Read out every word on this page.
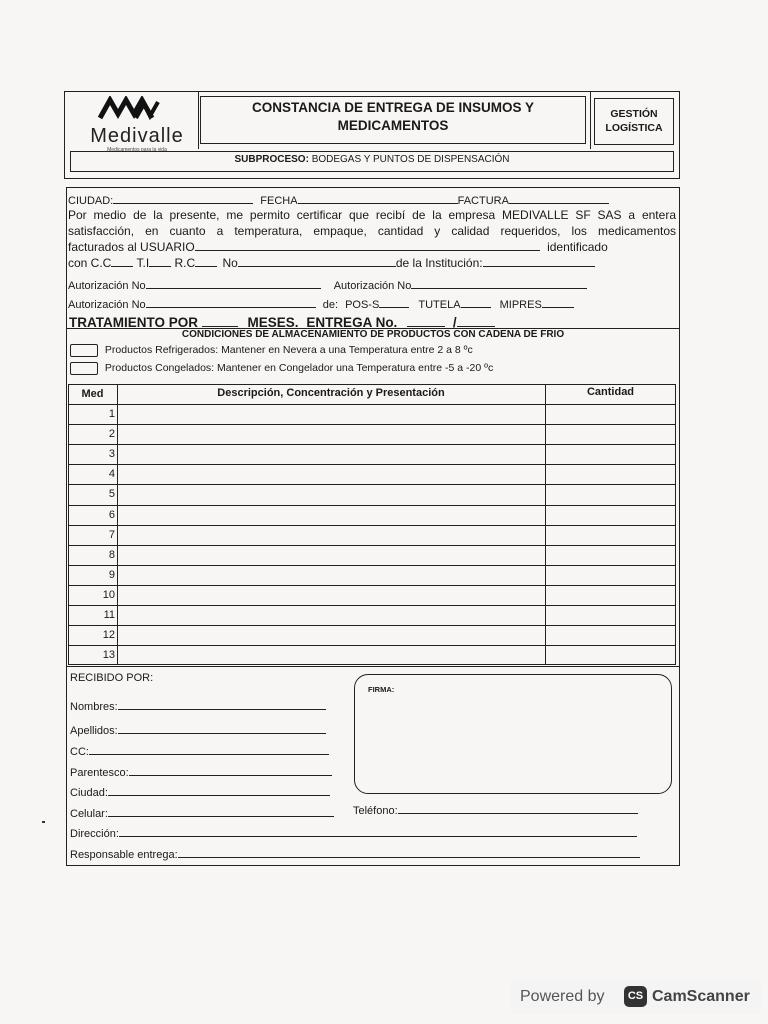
Medivalle
Medicamentos para la vida
CONSTANCIA DE ENTREGA DE INSUMOS Y
MEDICAMENTOS
GESTIÓN
LOGÍSTICA
SUBPROCESO: BODEGAS Y PUNTOS DE DISPENSACIÓN
CIUDAD:	FECHA	FACTURA
Por medio de la presente, me permito certificar que recibí de la empresa MEDIVALLE SF SAS a entera
satisfacción, en cuanto a temperatura, empaque, cantidad y calidad requeridos, los medicamentos
facturados al USUARIO	identificado
con C.C T.I R.C No	de la Institución:
Autorización No	Autorización No
Autorización No	de: POS-S	TUTELA	MIPRES
TRATAMIENTO POR	MESES. ENTREGA No.	/
CONDICIONES DE ALMACENAMIENTO DE PRODUCTOS CON CADENA DE FRIO
Productos Refrigerados: Mantener en Nevera a una Temperatura entre 2 a 8 ºc
Productos Congelados: Mantener en Congelador una Temperatura entre -5 a -20 ºc
Med	Descripción, Concentración y Presentación	Cantidad
1
2
3
4
5
6
7
8
9
10
11
12
13
RECIBIDO POR:
FIRMA:
Nombres:
Apellidos:
CC:
Parentesco:
Ciudad:
Celular:	Teléfono:
Dirección:
Responsable entrega:
Powered by	CS CamScanner
